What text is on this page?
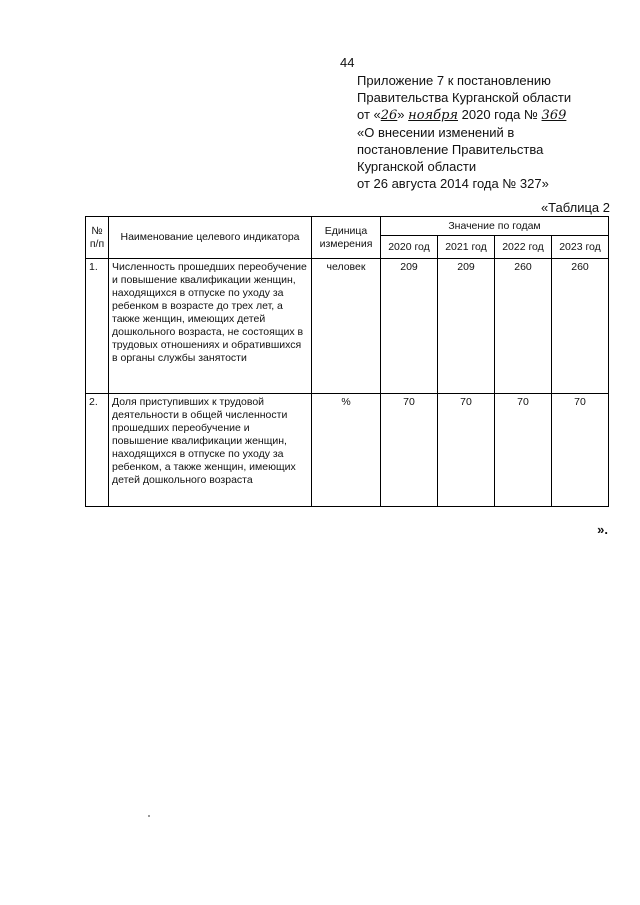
44
Приложение 7 к постановлению
Правительства Курганской области
от «26» ноября 2020 года № 369
«О внесении изменений в
постановление Правительства
Курганской области
от 26 августа 2014 года № 327»
«Таблица 2
№ п/п	Наименование целевого индикатора	Единица измерения	Значение по годам			
			2020 год	2021 год	2022 год	2023 год
1.	Численность прошедших переобучение и повышение квалификации женщин, находящихся в отпуске по уходу за ребенком в возрасте до трех лет, а также женщин, имеющих детей дошкольного возраста, не состоящих в трудовых отношениях и обратившихся в органы службы занятости	человек	209	209	260	260
2.	Доля приступивших к трудовой деятельности в общей численности прошедших переобучение и повышение квалификации женщин, находящихся в отпуске по уходу за ребенком, а также женщин, имеющих детей дошкольного возраста	%	70	70	70	70
».
